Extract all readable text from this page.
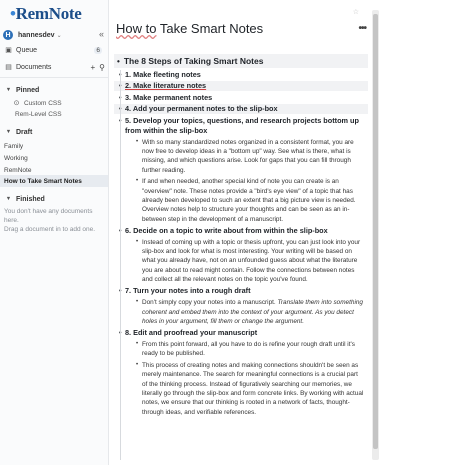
•RemNote
H	hannesdev ⌄	«
▣ Queue	6
▤ Documents	+ ⚲
▼ Pinned
⊙ Custom CSS
Rem-Level CSS
▼ Draft
Family
Working
RemNote
How to Take Smart Notes
▼ Finished
You don't have any documents here.
Drag a document in to add one.
☆
How to Take Smart Notes	•••
• The 8 Steps of Taking Smart Notes
1. Make fleeting notes
2. Make literature notes
3. Make permanent notes
4. Add your permanent notes to the slip-box
5. Develop your topics, questions, and research projects bottom up from within the slip-box
• With so many standardized notes organized in a consistent format, you are now free to develop ideas in a "bottom up" way. See what is there, what is missing, and which questions arise. Look for gaps that you can fill through further reading.
• If and when needed, another special kind of note you can create is an "overview" note. These notes provide a "bird's eye view" of a topic that has already been developed to such an extent that a big picture view is needed. Overview notes help to structure your thoughts and can be seen as an in-between step in the development of a manuscript.
6. Decide on a topic to write about from within the slip-box
• Instead of coming up with a topic or thesis upfront, you can just look into your slip-box and look for what is most interesting. Your writing will be based on what you already have, not on an unfounded guess about what the literature you are about to read might contain. Follow the connections between notes and collect all the relevant notes on the topic you've found.
7. Turn your notes into a rough draft
• Don't simply copy your notes into a manuscript. Translate them into something coherent and embed them into the context of your argument. As you detect holes in your argument, fill them or change the argument.
8. Edit and proofread your manuscript
• From this point forward, all you have to do is refine your rough draft until it's ready to be published.
• This process of creating notes and making connections shouldn't be seen as merely maintenance. The search for meaningful connections is a crucial part of the thinking process. Instead of figuratively searching our memories, we literally go through the slip-box and form concrete links. By working with actual notes, we ensure that our thinking is rooted in a network of facts, thought-through ideas, and verifiable references.
